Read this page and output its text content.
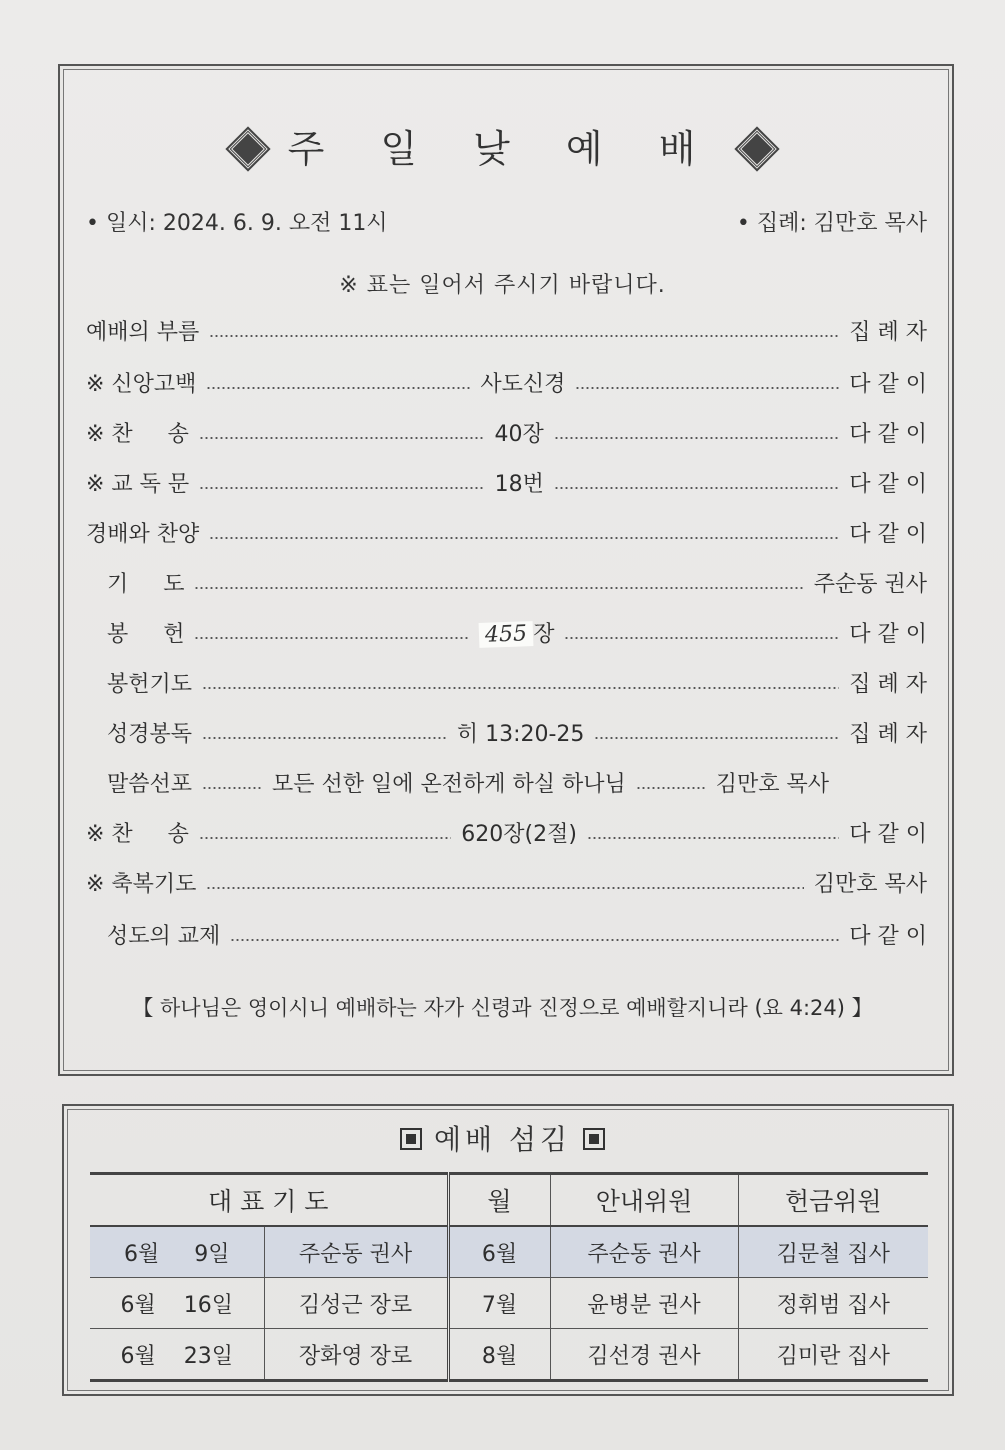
주 일 낮 예 배
• 일시: 2024. 6. 9. 오전 11시	• 집례: 김만호 목사
※ 표는 일어서 주시기 바랍니다.
예배의 부름	집 례 자
※ 신앙고백	사도신경	다 같 이
※ 찬     송	40장	다 같 이
※ 교 독 문	18번	다 같 이
경배와 찬양	다 같 이
기     도	주순동 권사
봉     헌	455 장	다 같 이
봉헌기도	집 례 자
성경봉독	히 13:20-25	집 례 자
말씀선포	모든 선한 일에 온전하게 하실 하나님	김만호 목사
※ 찬     송	620장(2절)	다 같 이
※ 축복기도	김만호 목사
성도의 교제	다 같 이
【 하나님은 영이시니 예배하는 자가 신령과 진정으로 예배할지니라 (요 4:24) 】
예배 섬김
대 표 기 도		월	안내위원	헌금위원
6월 9일	주순동 권사	6월	주순동 권사	김문철 집사
6월 16일	김성근 장로	7월	윤병분 권사	정휘범 집사
6월 23일	장화영 장로	8월	김선경 권사	김미란 집사
